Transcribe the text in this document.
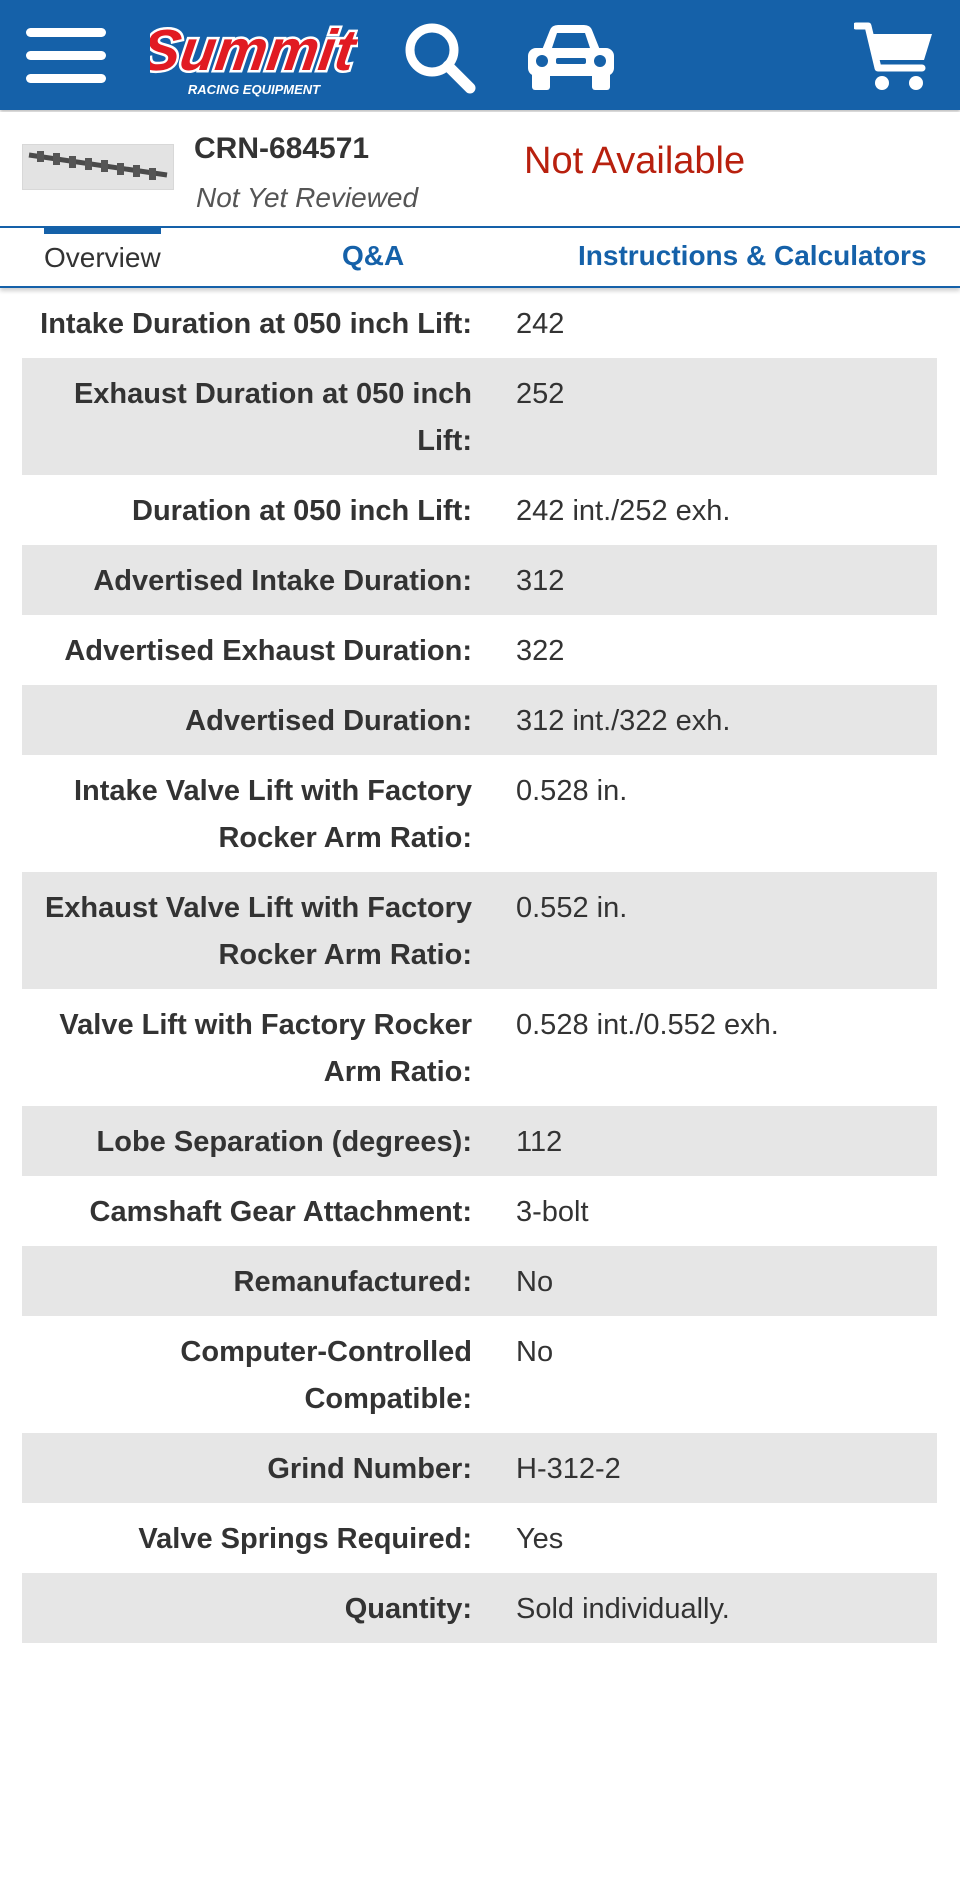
Summit
RACING EQUIPMENT
CRN-684571
Not Yet Reviewed
Not Available
Overview	Q&A	Instructions & Calculators
Intake Duration at 050 inch Lift:	242
Exhaust Duration at 050 inch Lift:	252
Duration at 050 inch Lift:	242 int./252 exh.
Advertised Intake Duration:	312
Advertised Exhaust Duration:	322
Advertised Duration:	312 int./322 exh.
Intake Valve Lift with Factory Rocker Arm Ratio:	0.528 in.
Exhaust Valve Lift with Factory Rocker Arm Ratio:	0.552 in.
Valve Lift with Factory Rocker Arm Ratio:	0.528 int./0.552 exh.
Lobe Separation (degrees):	112
Camshaft Gear Attachment:	3-bolt
Remanufactured:	No
Computer-Controlled Compatible:	No
Grind Number:	H-312-2
Valve Springs Required:	Yes
Quantity:	Sold individually.
